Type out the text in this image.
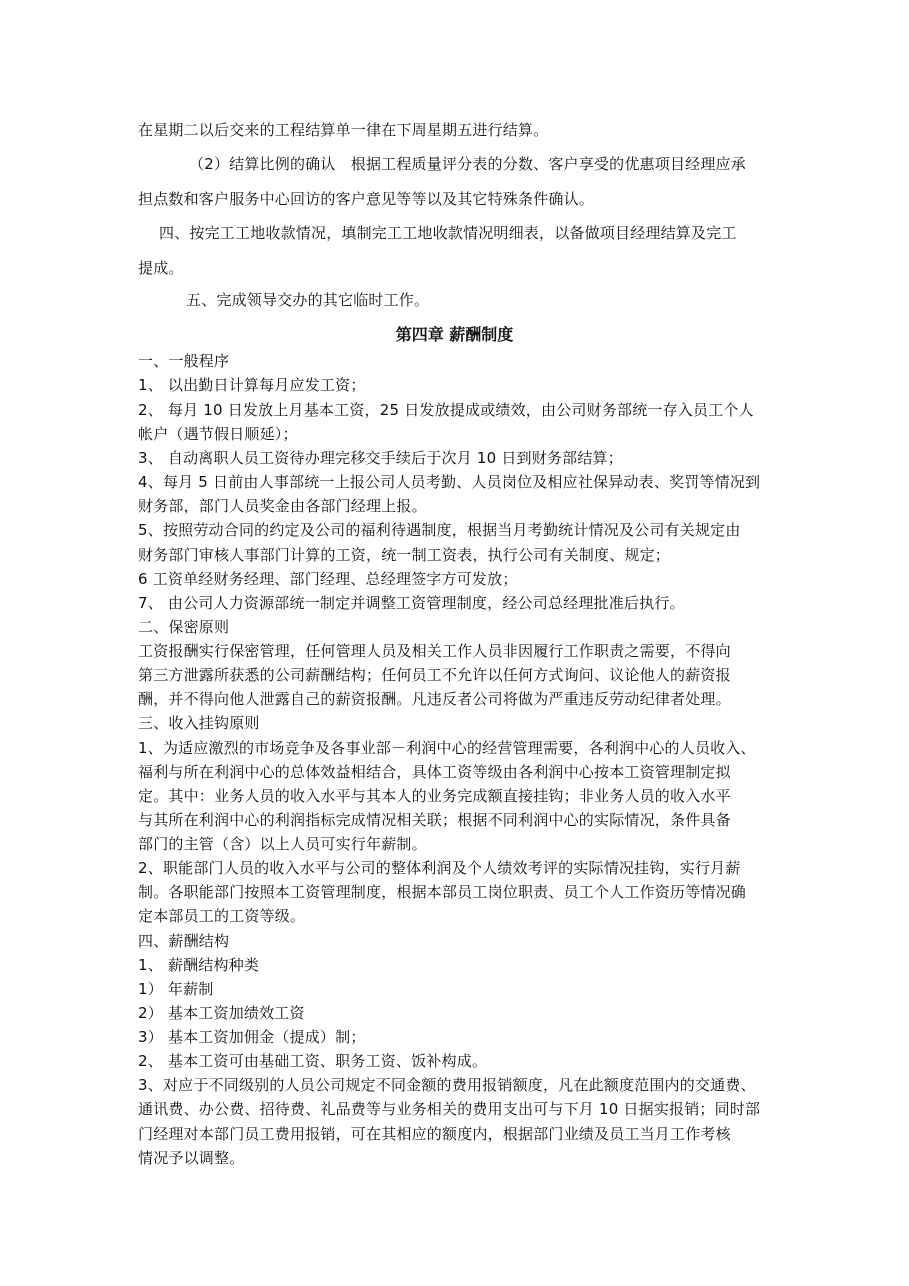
在星期二以后交来的工程结算单一律在下周星期五进行结算。
（2）结算比例的确认　根据工程质量评分表的分数、客户享受的优惠项目经理应承
担点数和客户服务中心回访的客户意见等等以及其它特殊条件确认。
四、按完工工地收款情况，填制完工工地收款情况明细表，以备做项目经理结算及完工
提成。
五、完成领导交办的其它临时工作。
第四章 薪酬制度
一、一般程序
1、 以出勤日计算每月应发工资；
2、 每月 10 日发放上月基本工资，25 日发放提成或绩效，由公司财务部统一存入员工个人
帐户（遇节假日顺延）；
3、 自动离职人员工资待办理完移交手续后于次月 10 日到财务部结算；
4、每月 5 日前由人事部统一上报公司人员考勤、人员岗位及相应社保异动表、奖罚等情况到
财务部，部门人员奖金由各部门经理上报。
5、按照劳动合同的约定及公司的福利待遇制度，根据当月考勤统计情况及公司有关规定由
财务部门审核人事部门计算的工资，统一制工资表，执行公司有关制度、规定；
6 工资单经财务经理、部门经理、总经理签字方可发放；
7、 由公司人力资源部统一制定并调整工资管理制度，经公司总经理批准后执行。
二、保密原则
工资报酬实行保密管理，任何管理人员及相关工作人员非因履行工作职责之需要，不得向
第三方泄露所获悉的公司薪酬结构；任何员工不允许以任何方式询问、议论他人的薪资报
酬，并不得向他人泄露自己的薪资报酬。凡违反者公司将做为严重违反劳动纪律者处理。
三、收入挂钩原则
1、为适应激烈的市场竞争及各事业部－利润中心的经营管理需要，各利润中心的人员收入、
福利与所在利润中心的总体效益相结合，具体工资等级由各利润中心按本工资管理制定拟
定。其中：业务人员的收入水平与其本人的业务完成额直接挂钩；非业务人员的收入水平
与其所在利润中心的利润指标完成情况相关联；根据不同利润中心的实际情况，条件具备
部门的主管（含）以上人员可实行年薪制。
2、职能部门人员的收入水平与公司的整体利润及个人绩效考评的实际情况挂钩，实行月薪
制。各职能部门按照本工资管理制度，根据本部员工岗位职责、员工个人工作资历等情况确
定本部员工的工资等级。
四、薪酬结构
1、 薪酬结构种类
1） 年薪制
2） 基本工资加绩效工资
3） 基本工资加佣金（提成）制；
2、 基本工资可由基础工资、职务工资、饭补构成。
3、对应于不同级别的人员公司规定不同金额的费用报销额度，凡在此额度范围内的交通费、
通讯费、办公费、招待费、礼品费等与业务相关的费用支出可与下月 10 日据实报销；同时部
门经理对本部门员工费用报销，可在其相应的额度内，根据部门业绩及员工当月工作考核
情况予以调整。
